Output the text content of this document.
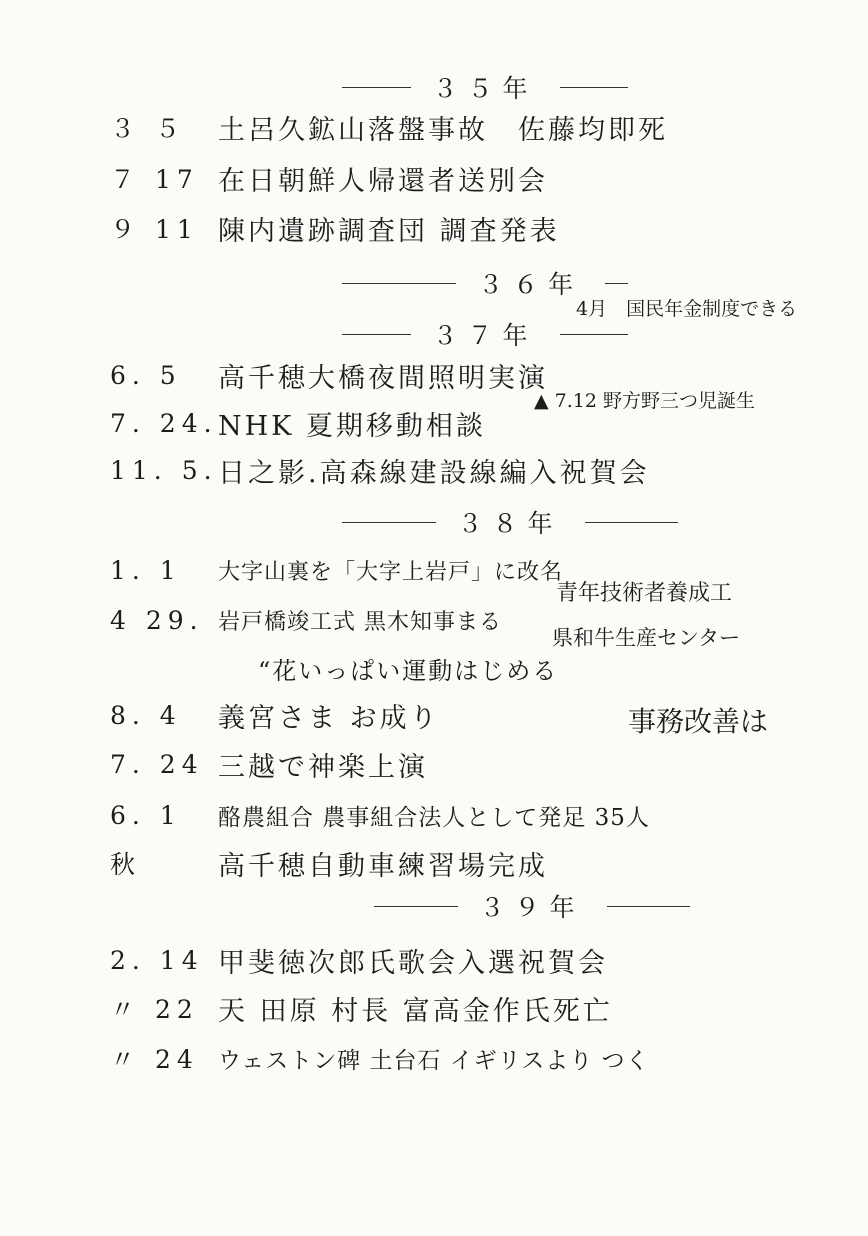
３５年
３ ５	土呂久鉱山落盤事故　佐藤均即死
７ 17 在日朝鮮人帰還者送別会
９ 11 陳内遺跡調査団 調査発表
３６年
4月　国民年金制度できる
３７年
6. 5	高千穂大橋夜間照明実演
7. 24. NHK 夏期移動相談
▲ 7.12 野方野三つ児誕生
11. 5. 日之影.高森線建設線編入祝賀会
３８年
1. 1	大字山裏を「大字上岩戸」に改名
4 29. 岩戸橋竣工式 黒木知事まる
青年技術者養成工
県和牛生産センター
“花いっぱい運動はじめる
事務改善は
8. 4	義宮さま お成り
7. 24 三越で神楽上演
6. 1	酪農組合 農事組合法人として発足 35人
秋	高千穂自動車練習場完成
３９年
2. 14 甲斐徳次郎氏歌会入選祝賀会
〃 22 天 田原 村長 富高金作氏死亡
〃 24 ウェストン碑 土台石 イギリスより つく
